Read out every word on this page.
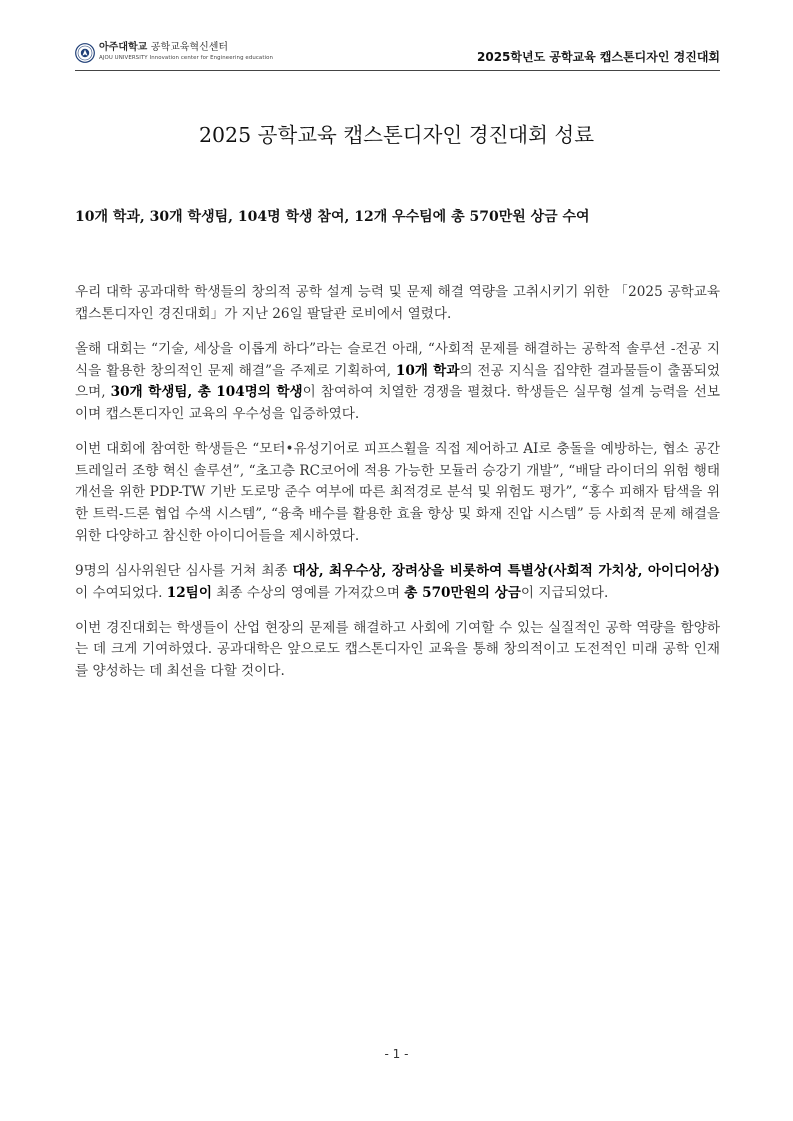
아주대학교 공학교육혁신센터
AJOU UNIVERSITY Innovation center for Engineering education	2025학년도 공학교육 캡스톤디자인 경진대회
2025 공학교육 캡스톤디자인 경진대회 성료
10개 학과, 30개 학생팀, 104명 학생 참여, 12개 우수팀에 총 570만원 상금 수여

우리 대학 공과대학 학생들의 창의적 공학 설계 능력 및 문제 해결 역량을 고취시키기 위한 「2025 공학교육 캡스톤디자인 경진대회」가 지난 26일 팔달관 로비에서 열렸다.

올해 대회는 “기술, 세상을 이롭게 하다”라는 슬로건 아래, “사회적 문제를 해결하는 공학적 솔루션 -전공 지식을 활용한 창의적인 문제 해결”을 주제로 기획하여, 10개 학과의 전공 지식을 집약한 결과물들이 출품되었으며, 30개 학생팀, 총 104명의 학생이 참여하여 치열한 경쟁을 펼쳤다. 학생들은 실무형 설계 능력을 선보이며 캡스톤디자인 교육의 우수성을 입증하였다.

이번 대회에 참여한 학생들은 “모터•유성기어로 피프스휠을 직접 제어하고 AI로 충돌을 예방하는, 협소 공간 트레일러 조향 혁신 솔루션”, “초고층 RC코어에 적용 가능한 모듈러 승강기 개발”, “배달 라이더의 위험 행태 개선을 위한 PDP-TW 기반 도로망 준수 여부에 따른 최적경로 분석 및 위험도 평가”, “홍수 피해자 탐색을 위한 트럭-드론 협업 수색 시스템”, “융축 배수를 활용한 효율 향상 및 화재 진압 시스템” 등 사회적 문제 해결을 위한 다양하고 참신한 아이디어들을 제시하였다.

9명의 심사위원단 심사를 거쳐 최종 대상, 최우수상, 장려상을 비롯하여 특별상(사회적 가치상, 아이디어상)이 수여되었다. 12팀이 최종 수상의 영예를 가져갔으며 총 570만원의 상금이 지급되었다.

이번 경진대회는 학생들이 산업 현장의 문제를 해결하고 사회에 기여할 수 있는 실질적인 공학 역량을 함양하는 데 크게 기여하였다. 공과대학은 앞으로도 캡스톤디자인 교육을 통해 창의적이고 도전적인 미래 공학 인재를 양성하는 데 최선을 다할 것이다.

- 1 -
